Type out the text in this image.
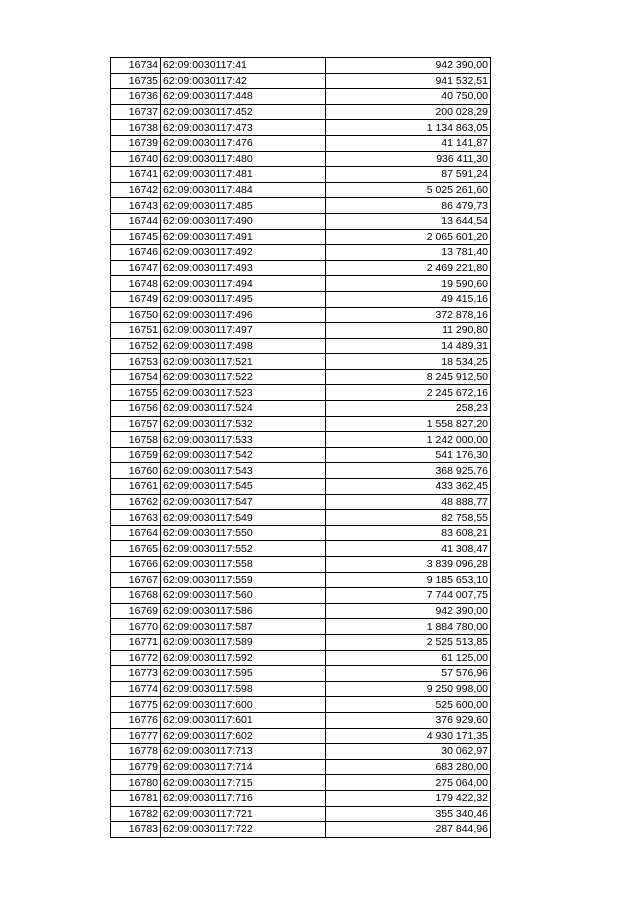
16734	62:09:0030117:41	942 390,00
16735	62:09:0030117:42	941 532,51
16736	62:09:0030117:448	40 750,00
16737	62:09:0030117:452	200 028,29
16738	62:09:0030117:473	1 134 863,05
16739	62:09:0030117:476	41 141,87
16740	62:09:0030117:480	936 411,30
16741	62:09:0030117:481	87 591,24
16742	62:09:0030117:484	5 025 261,60
16743	62:09:0030117:485	86 479,73
16744	62:09:0030117:490	13 644,54
16745	62:09:0030117:491	2 065 601,20
16746	62:09:0030117:492	13 781,40
16747	62:09:0030117:493	2 469 221,80
16748	62:09:0030117:494	19 590,60
16749	62:09:0030117:495	49 415,16
16750	62:09:0030117:496	372 878,16
16751	62:09:0030117:497	11 290,80
16752	62:09:0030117:498	14 489,31
16753	62:09:0030117:521	18 534,25
16754	62:09:0030117:522	8 245 912,50
16755	62:09:0030117:523	2 245 672,16
16756	62:09:0030117:524	258,23
16757	62:09:0030117:532	1 558 827,20
16758	62:09:0030117:533	1 242 000,00
16759	62:09:0030117:542	541 176,30
16760	62:09:0030117:543	368 925,76
16761	62:09:0030117:545	433 362,45
16762	62:09:0030117:547	48 888,77
16763	62:09:0030117:549	82 758,55
16764	62:09:0030117:550	83 608,21
16765	62:09:0030117:552	41 308,47
16766	62:09:0030117:558	3 839 096,28
16767	62:09:0030117:559	9 185 653,10
16768	62:09:0030117:560	7 744 007,75
16769	62:09:0030117:586	942 390,00
16770	62:09:0030117:587	1 884 780,00
16771	62:09:0030117:589	2 525 513,85
16772	62:09:0030117:592	61 125,00
16773	62:09:0030117:595	57 576,96
16774	62:09:0030117:598	9 250 998,00
16775	62:09:0030117:600	525 600,00
16776	62:09:0030117:601	376 929,60
16777	62:09:0030117:602	4 930 171,35
16778	62:09:0030117:713	30 062,97
16779	62:09:0030117:714	683 280,00
16780	62:09:0030117:715	275 064,00
16781	62:09:0030117:716	179 422,32
16782	62:09:0030117:721	355 340,46
16783	62:09:0030117:722	287 844,96
